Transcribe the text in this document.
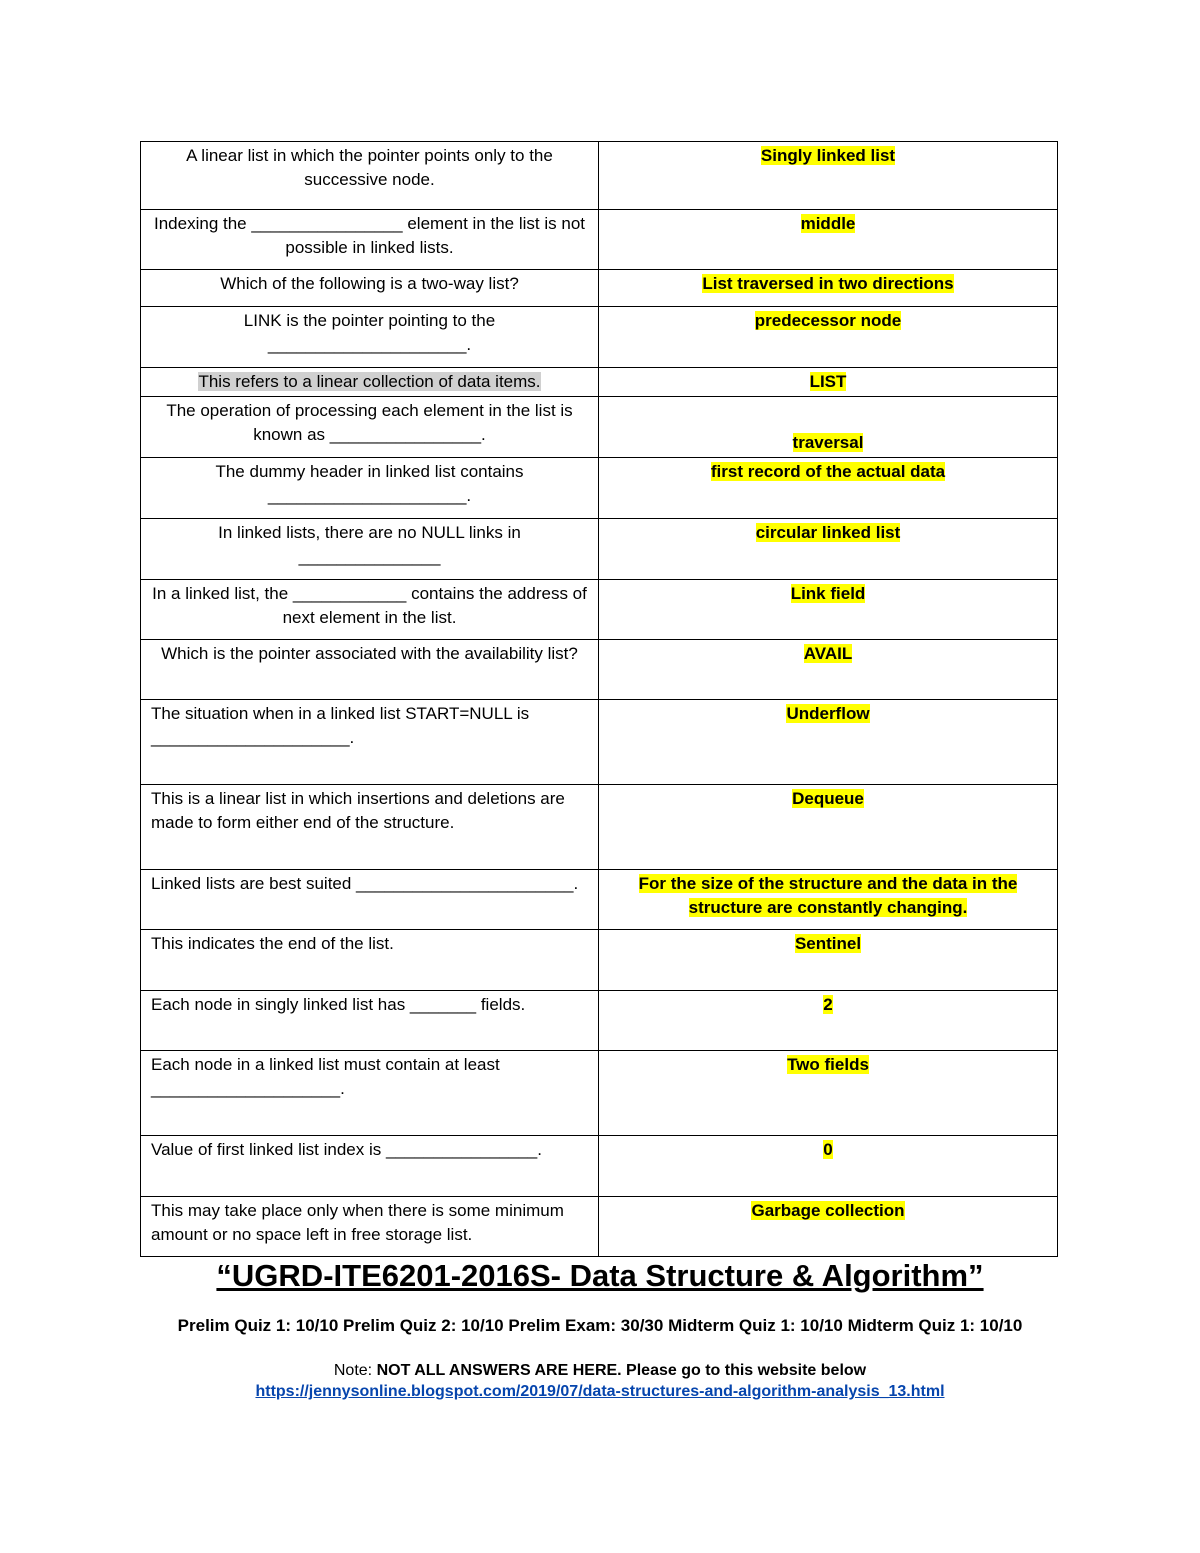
A linear list in which the pointer points only to the successive node.	Singly linked list
Indexing the ________________ element in the list is not possible in linked lists.	middle
Which of the following is a two-way list?	List traversed in two directions
LINK is the pointer pointing to the _____________________.	predecessor node
This refers to a linear collection of data items.	LIST
The operation of processing each element in the list is known as ________________.	traversal
The dummy header in linked list contains _____________________.	first record of the actual data
In linked lists, there are no NULL links in _______________	circular linked list
In a linked list, the ____________ contains the address of next element in the list.	Link field
Which is the pointer associated with the availability list?	AVAIL
The situation when in a linked list START=NULL is _____________________.	Underflow
This is a linear list in which insertions and deletions are made to form either end of the structure.	Dequeue
Linked lists are best suited _______________________.	For the size of the structure and the data in the structure are constantly changing.
This indicates the end of the list.	Sentinel
Each node in singly linked list has _______ fields.	2
Each node in a linked list must contain at least ____________________.	Two fields
Value of first linked list index is ________________.	0
This may take place only when there is some minimum amount or no space left in free storage list.	Garbage collection
“UGRD-ITE6201-2016S- Data Structure & Algorithm”
Prelim Quiz 1: 10/10 Prelim Quiz 2: 10/10 Prelim Exam: 30/30 Midterm Quiz 1: 10/10 Midterm Quiz 1: 10/10
Note: NOT ALL ANSWERS ARE HERE. Please go to this website below
https://jennysonline.blogspot.com/2019/07/data-structures-and-algorithm-analysis_13.html
